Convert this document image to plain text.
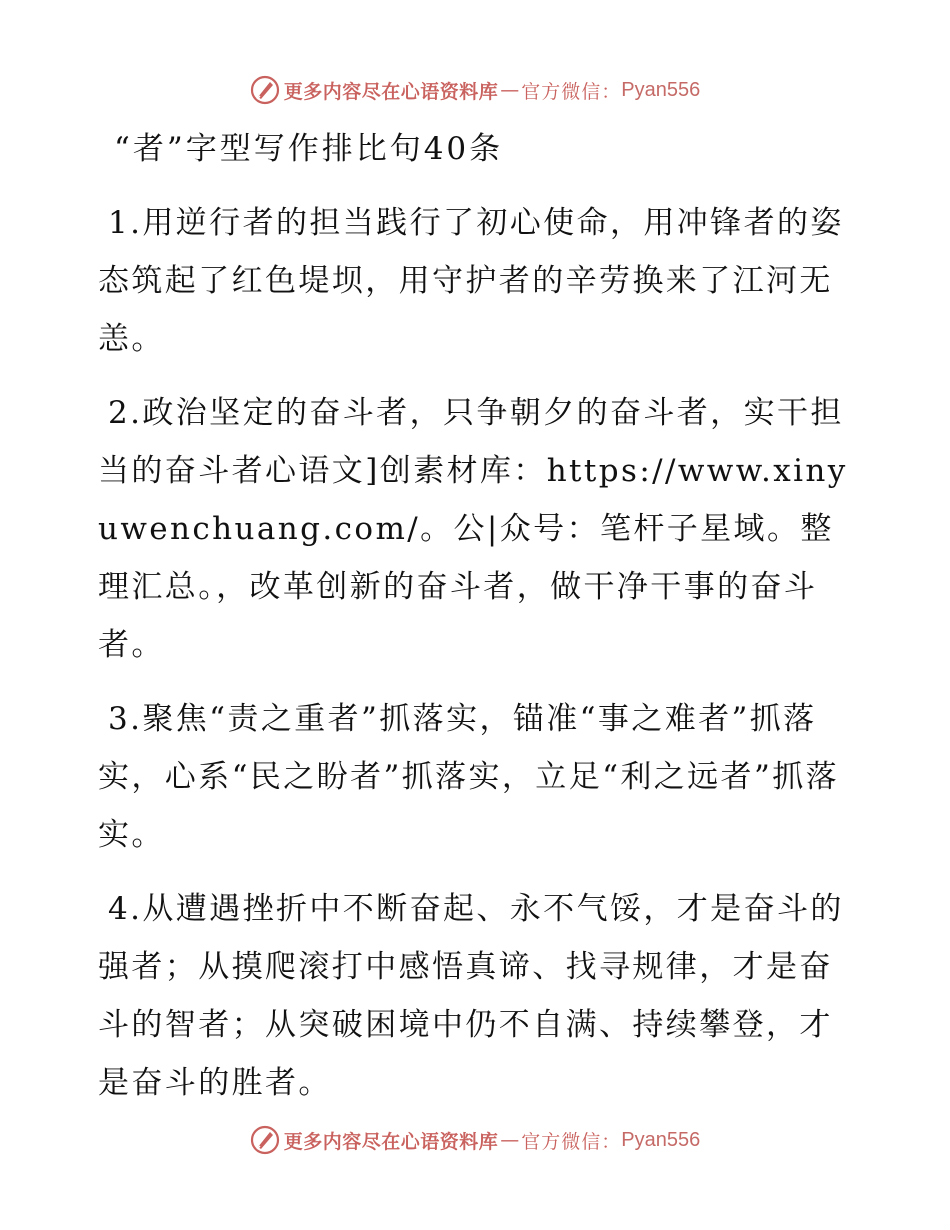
更多内容尽在心语资料库 — 官方微信： Pyan556
“者”字型写作排比句40条

1.用逆行者的担当践行了初心使命，用冲锋者的姿态筑起了红色堤坝，用守护者的辛劳换来了江河无恙。

2.政治坚定的奋斗者，只争朝夕的奋斗者，实干担当的奋斗者心语文]创素材库：https://www.xinyuwenchuang.com/。公|众号：笔杆子星域。整理汇总。，改革创新的奋斗者，做干净干事的奋斗者。

3.聚焦“责之重者”抓落实，锚准“事之难者”抓落实，心系“民之盼者”抓落实，立足“利之远者”抓落实。

4.从遭遇挫折中不断奋起、永不气馁，才是奋斗的强者；从摸爬滚打中感悟真谛、找寻规律，才是奋斗的智者；从突破困境中仍不自满、持续攀登，才是奋斗的胜者。

更多内容尽在心语资料库 — 官方微信： Pyan556
